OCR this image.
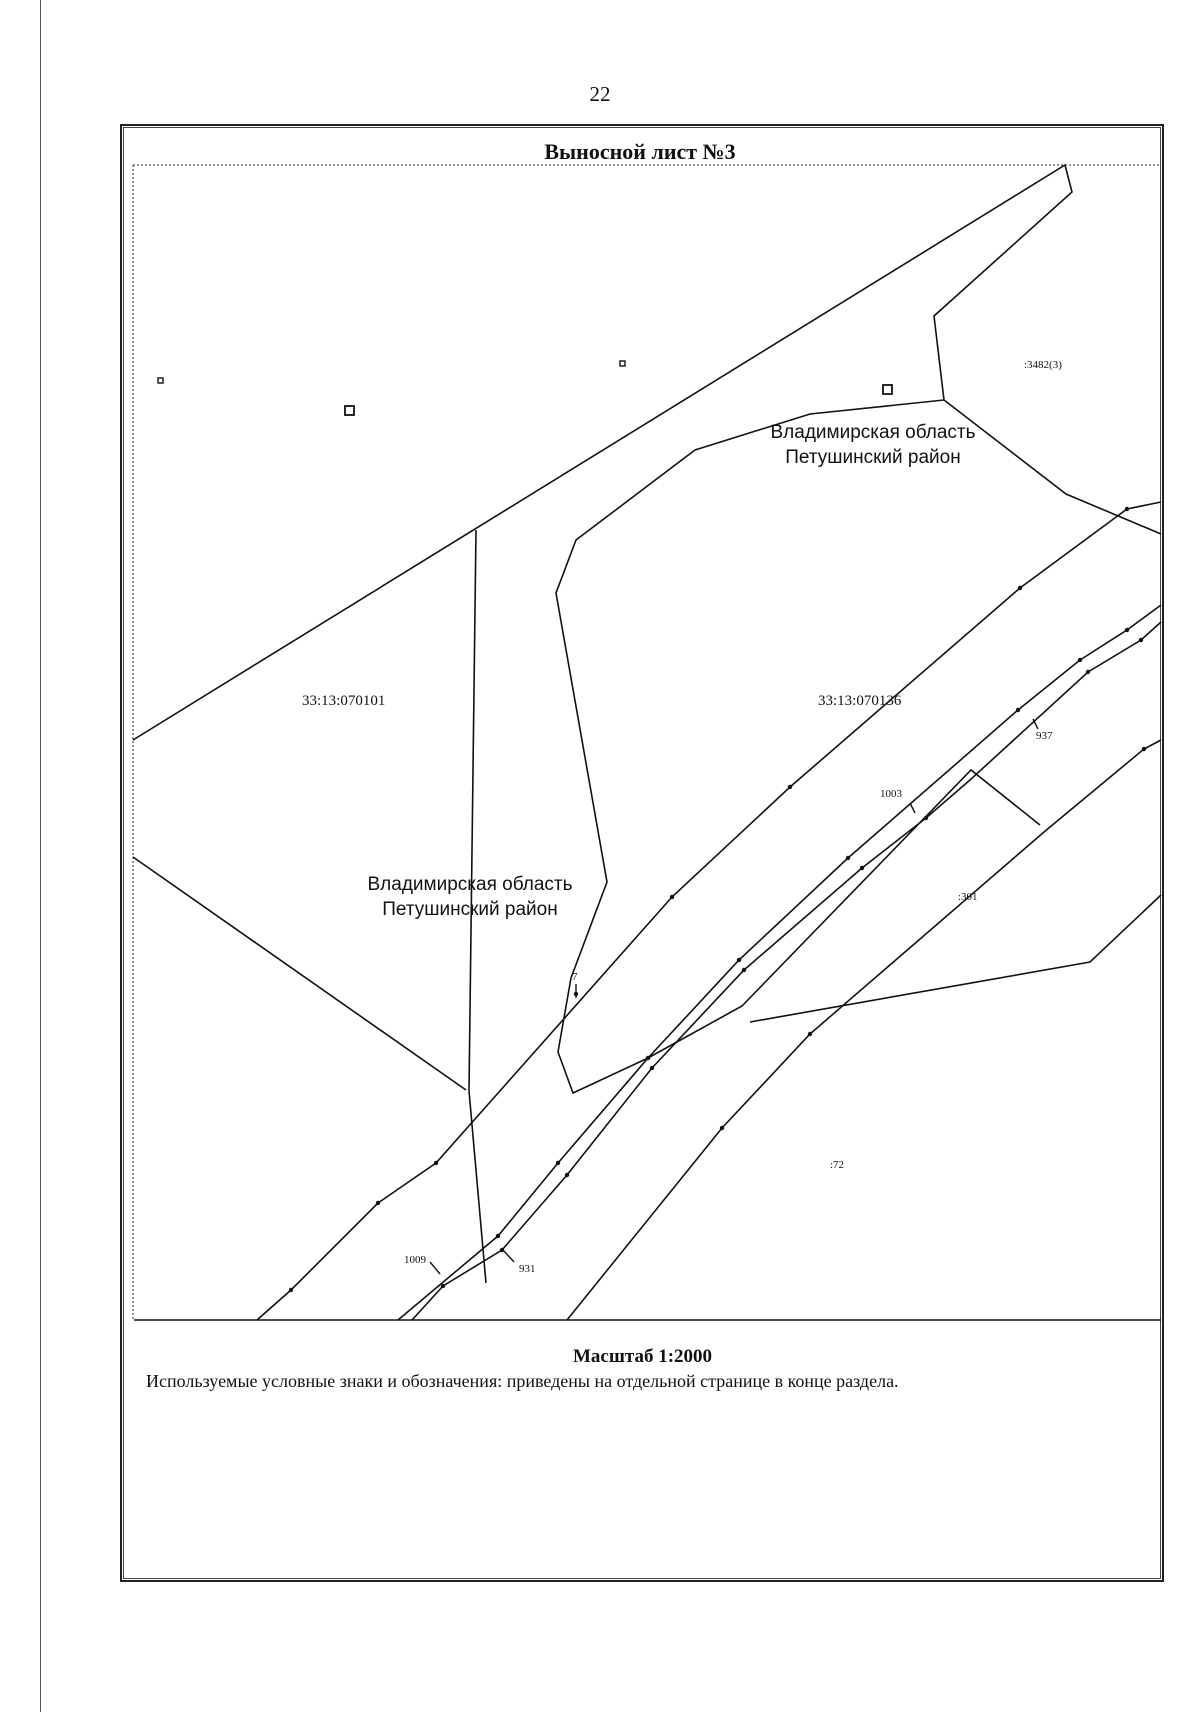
22
Выносной лист №3
33:13:070101	33:13:070136
:3482(3)
:301
:72
937
1003
7
1009
931
Владимирская область
Петушинский район
Владимирская область
Петушинский район
Масштаб 1:2000
Используемые условные знаки и обозначения: приведены на отдельной странице в конце раздела.
